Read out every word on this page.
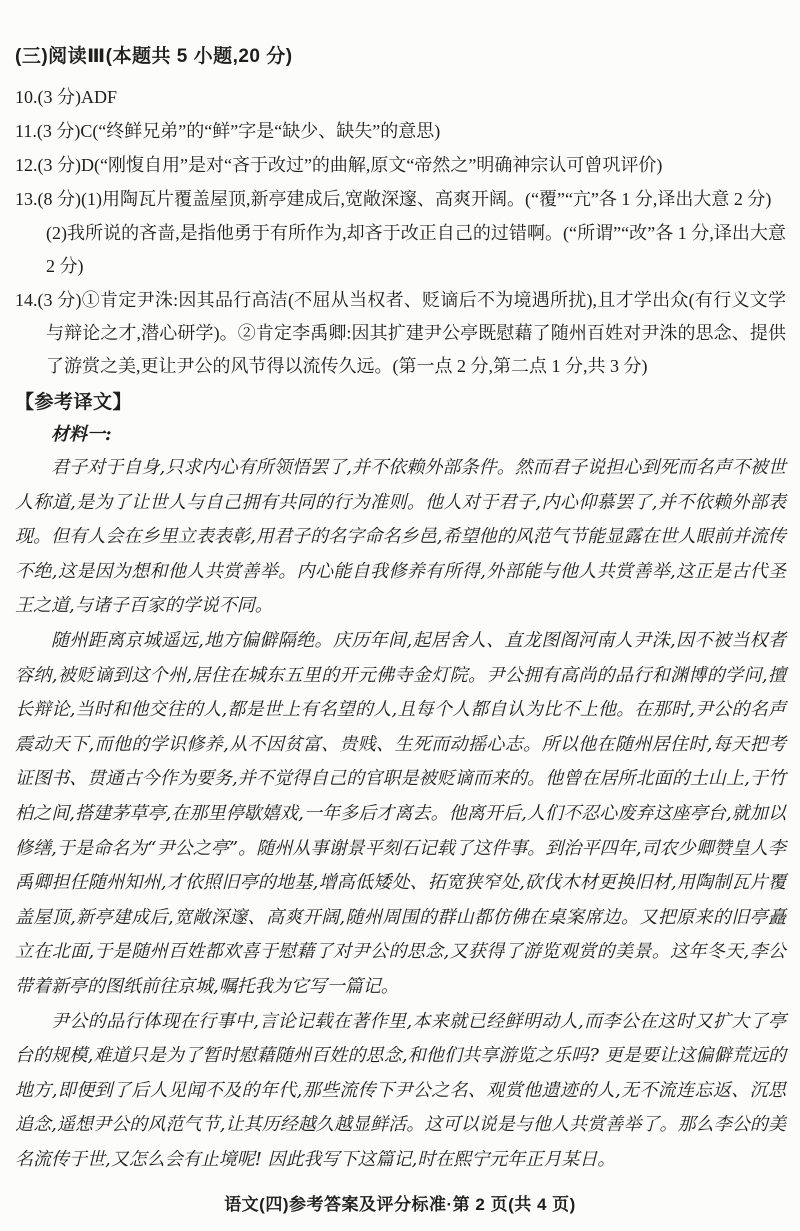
(三)阅读Ⅲ(本题共 5 小题,20 分)
10.(3 分)ADF
11.(3 分)C(“终鲜兄弟”的“鲜”字是“缺少、缺失”的意思)
12.(3 分)D(“刚愎自用”是对“吝于改过”的曲解,原文“帝然之”明确神宗认可曾巩评价)
13.(8 分)(1)用陶瓦片覆盖屋顶,新亭建成后,宽敞深邃、高爽开阔。(“覆”“亢”各 1 分,译出大意 2 分)
(2)我所说的吝啬,是指他勇于有所作为,却吝于改正自己的过错啊。(“所谓”“改”各 1 分,译出大意 2 分)
14.(3 分)①肯定尹洙:因其品行高洁(不屈从当权者、贬谪后不为境遇所扰),且才学出众(有行义文学与辩论之才,潜心研学)。②肯定李禹卿:因其扩建尹公亭既慰藉了随州百姓对尹洙的思念、提供了游赏之美,更让尹公的风节得以流传久远。(第一点 2 分,第二点 1 分,共 3 分)
【参考译文】
材料一:

君子对于自身,只求内心有所领悟罢了,并不依赖外部条件。然而君子说担心到死而名声不被世人称道,是为了让世人与自己拥有共同的行为准则。他人对于君子,内心仰慕罢了,并不依赖外部表现。但有人会在乡里立表表彰,用君子的名字命名乡邑,希望他的风范气节能显露在世人眼前并流传不绝,这是因为想和他人共赏善举。内心能自我修养有所得,外部能与他人共赏善举,这正是古代圣王之道,与诸子百家的学说不同。

随州距离京城遥远,地方偏僻隔绝。庆历年间,起居舍人、直龙图阁河南人尹洙,因不被当权者容纳,被贬谪到这个州,居住在城东五里的开元佛寺金灯院。尹公拥有高尚的品行和渊博的学问,擅长辩论,当时和他交往的人,都是世上有名望的人,且每个人都自认为比不上他。在那时,尹公的名声震动天下,而他的学识修养,从不因贫富、贵贱、生死而动摇心志。所以他在随州居住时,每天把考证图书、贯通古今作为要务,并不觉得自己的官职是被贬谪而来的。他曾在居所北面的土山上,于竹柏之间,搭建茅草亭,在那里停歇嬉戏,一年多后才离去。他离开后,人们不忍心废弃这座亭台,就加以修缮,于是命名为“尹公之亭”。随州从事谢景平刻石记载了这件事。到治平四年,司农少卿赞皇人李禹卿担任随州知州,才依照旧亭的地基,增高低矮处、拓宽狭窄处,砍伐木材更换旧材,用陶制瓦片覆盖屋顶,新亭建成后,宽敞深邃、高爽开阔,随州周围的群山都仿佛在桌案席边。又把原来的旧亭矗立在北面,于是随州百姓都欢喜于慰藉了对尹公的思念,又获得了游览观赏的美景。这年冬天,李公带着新亭的图纸前往京城,嘱托我为它写一篇记。

尹公的品行体现在行事中,言论记载在著作里,本来就已经鲜明动人,而李公在这时又扩大了亭台的规模,难道只是为了暂时慰藉随州百姓的思念,和他们共享游览之乐吗? 更是要让这偏僻荒远的地方,即便到了后人见闻不及的年代,那些流传下尹公之名、观赏他遗迹的人,无不流连忘返、沉思追念,遥想尹公的风范气节,让其历经越久越显鲜活。这可以说是与他人共赏善举了。那么李公的美名流传于世,又怎么会有止境呢! 因此我写下这篇记,时在熙宁元年正月某日。

语文(四)参考答案及评分标准·第 2 页(共 4 页)
